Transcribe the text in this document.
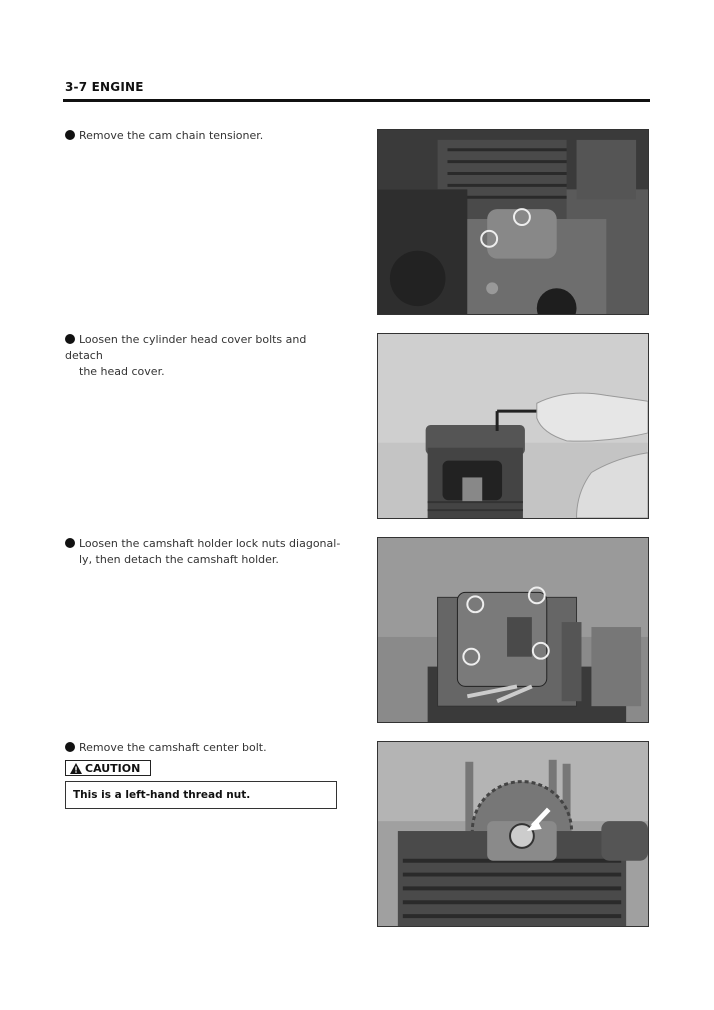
3-7 ENGINE
Remove the cam chain tensioner.
Loosen the cylinder head cover bolts and detach
the head cover.
Loosen the camshaft holder lock nuts diagonal-
ly, then detach the camshaft holder.
Remove the camshaft center bolt.
CAUTION
This is a left-hand thread nut.
